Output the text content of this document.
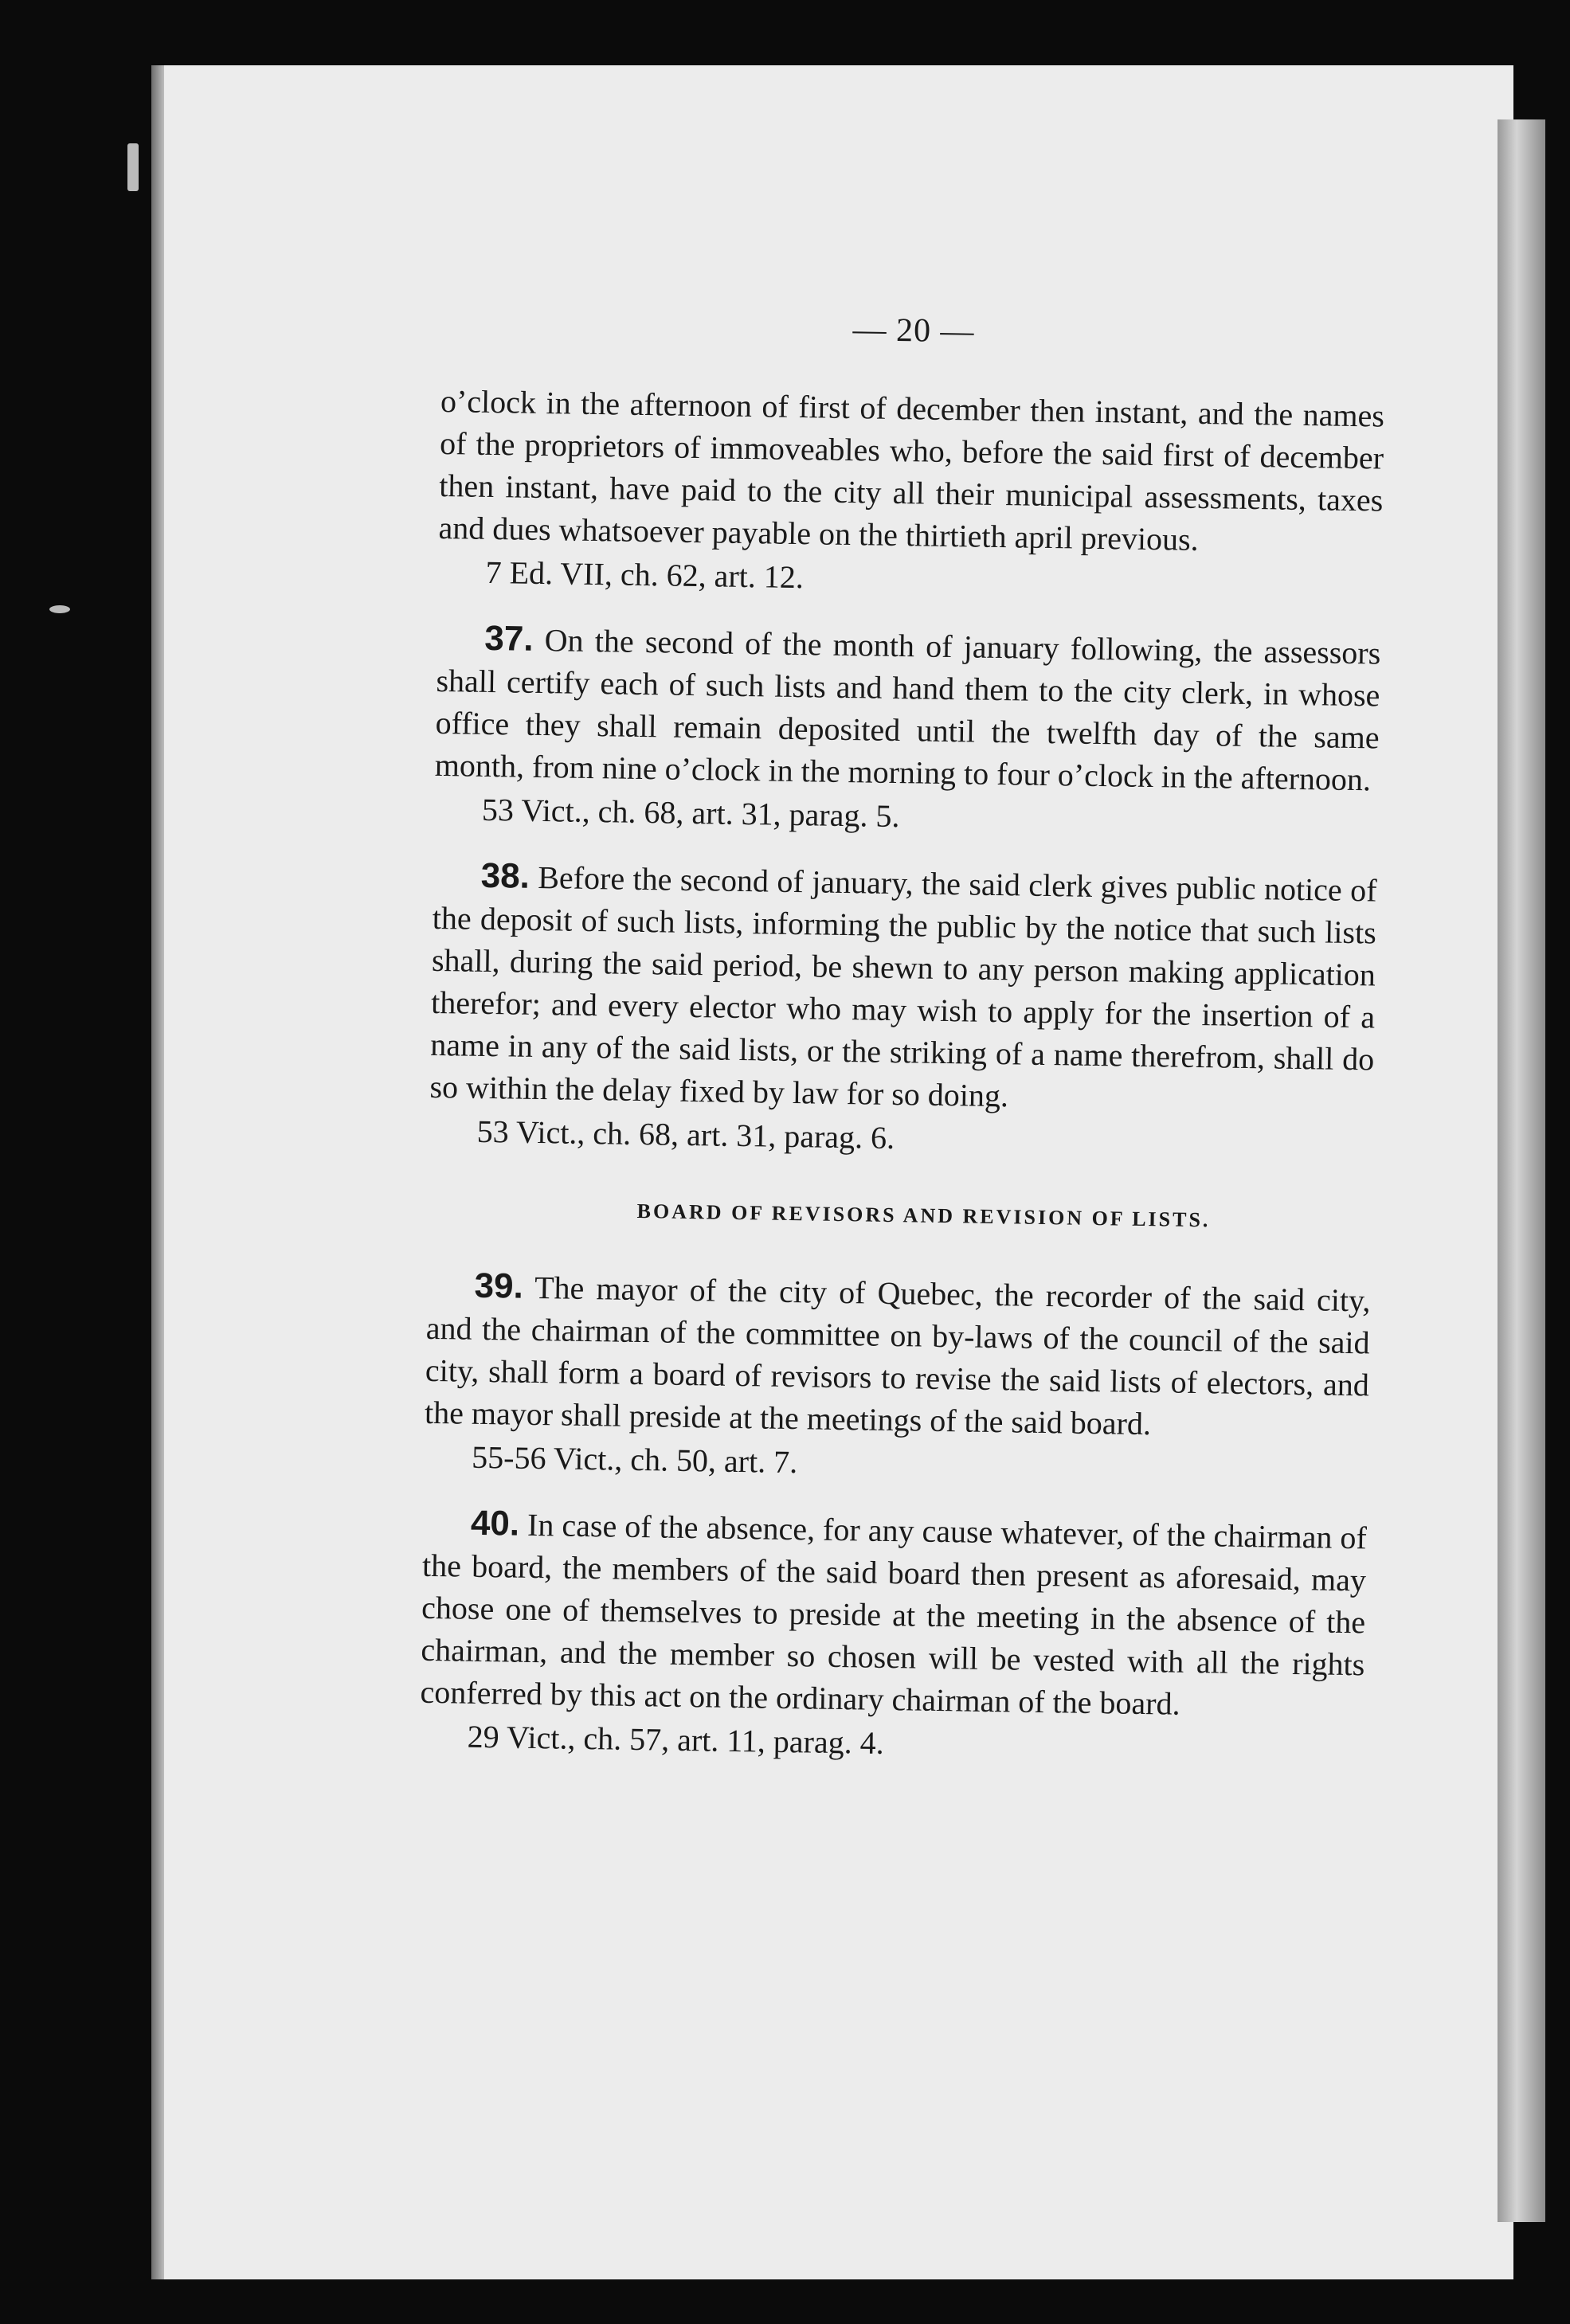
— 20 —

o’clock in the afternoon of first of december then instant, and the names of the proprietors of immoveables who, before the said first of december then instant, have paid to the city all their municipal assessments, taxes and dues whatsoever payable on the thirtieth april previous.

7 Ed. VII, ch. 62, art. 12.

37. On the second of the month of january following, the assessors shall certify each of such lists and hand them to the city clerk, in whose office they shall remain deposited until the twelfth day of the same month, from nine o’clock in the morning to four o’clock in the afternoon.

53 Vict., ch. 68, art. 31, parag. 5.

38. Before the second of january, the said clerk gives public notice of the deposit of such lists, informing the public by the notice that such lists shall, during the said period, be shewn to any person making application therefor; and every elector who may wish to apply for the insertion of a name in any of the said lists, or the striking of a name therefrom, shall do so within the delay fixed by law for so doing.

53 Vict., ch. 68, art. 31, parag. 6.

BOARD OF REVISORS AND REVISION OF LISTS.

39. The mayor of the city of Quebec, the recorder of the said city, and the chairman of the committee on by-laws of the council of the said city, shall form a board of revisors to revise the said lists of electors, and the mayor shall preside at the meetings of the said board.

55-56 Vict., ch. 50, art. 7.

40. In case of the absence, for any cause whatever, of the chairman of the board, the members of the said board then present as aforesaid, may chose one of themselves to preside at the meeting in the absence of the chairman, and the member so chosen will be vested with all the rights conferred by this act on the ordinary chairman of the board.

29 Vict., ch. 57, art. 11, parag. 4.
